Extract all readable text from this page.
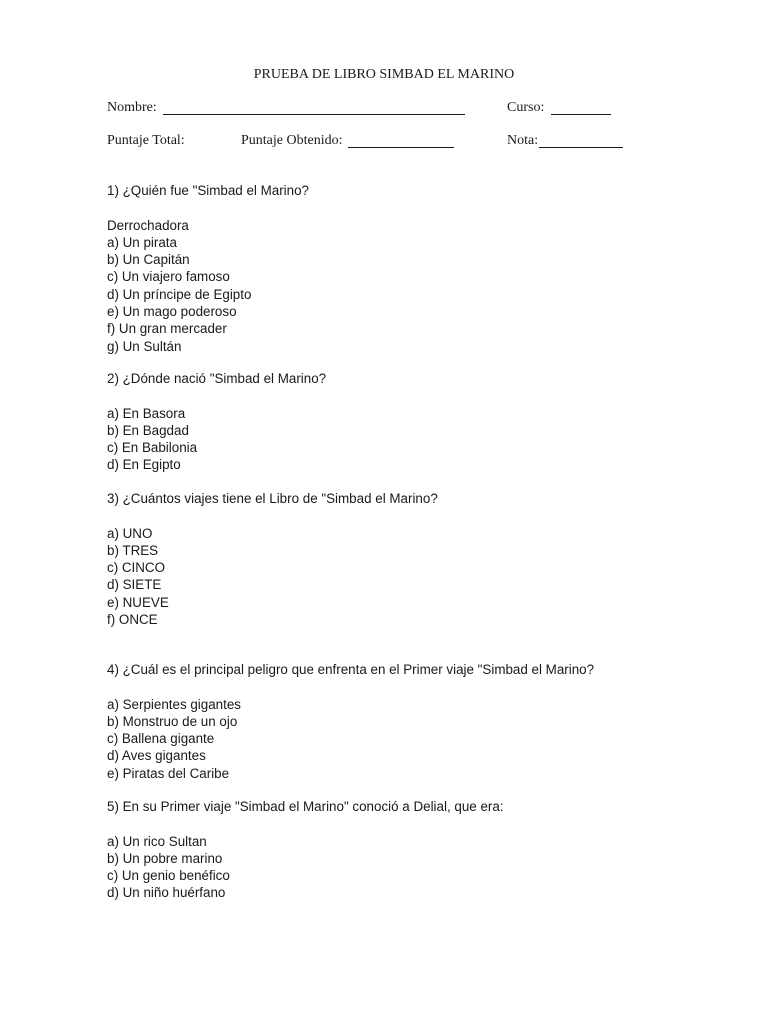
PRUEBA DE LIBRO SIMBAD EL MARINO
Nombre:	Curso:
Puntaje Total:	Puntaje Obtenido:	Nota:
1) ¿Quién fue "Simbad el Marino?
Derrochadora
a) Un pirata
b) Un Capitán
c) Un viajero famoso
d) Un príncipe de Egipto
e) Un mago poderoso
f) Un gran mercader
g) Un Sultán
2) ¿Dónde nació "Simbad el Marino?
a) En Basora
b) En Bagdad
c) En Babilonia
d) En Egipto
3) ¿Cuántos viajes tiene el Libro de "Simbad el Marino?
a) UNO
b) TRES
c) CINCO
d) SIETE
e) NUEVE
f) ONCE
4) ¿Cuál es el principal peligro que enfrenta en el Primer viaje "Simbad el Marino?
a) Serpientes gigantes
b) Monstruo de un ojo
c) Ballena gigante
d) Aves gigantes
e) Piratas del Caribe
5) En su Primer viaje "Simbad el Marino" conoció a Delial, que era:
a) Un rico Sultan
b) Un pobre marino
c) Un genio benéfico
d) Un niño huérfano
